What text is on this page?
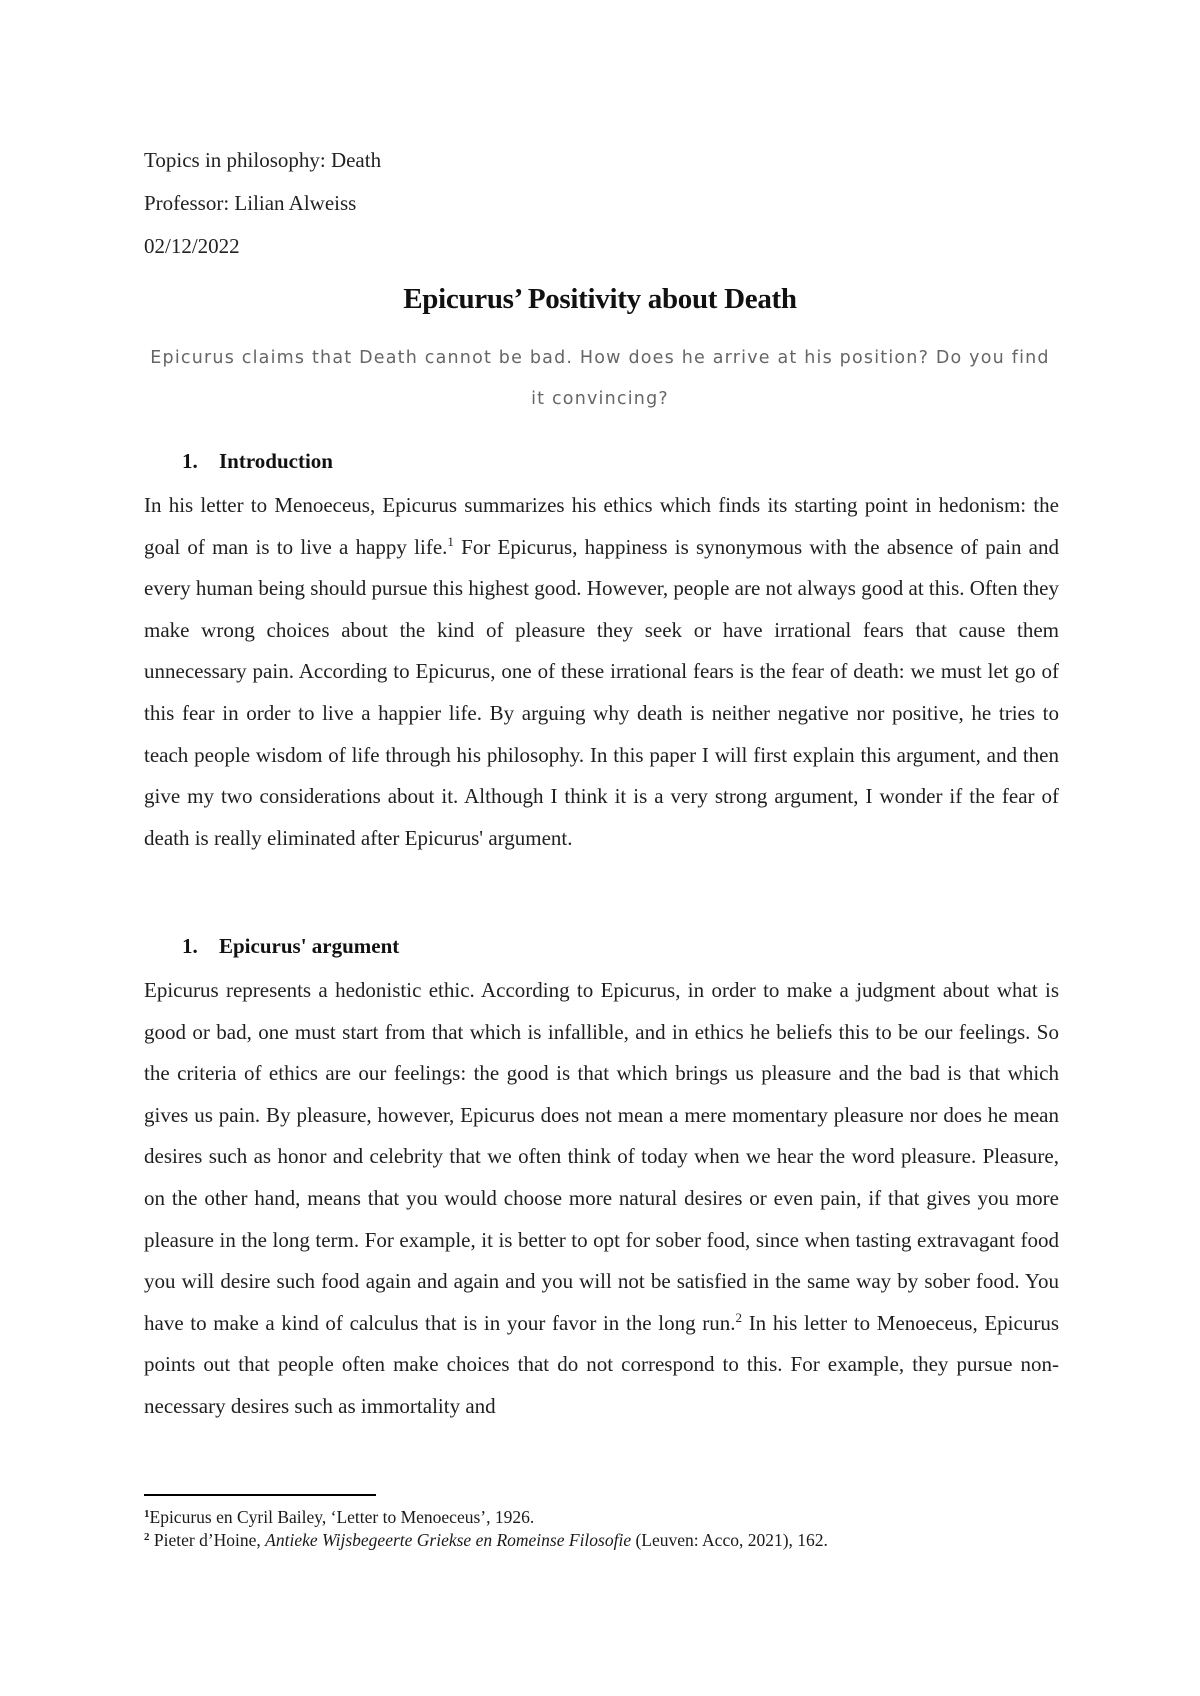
Topics in philosophy: Death

Professor: Lilian Alweiss

02/12/2022

Epicurus’ Positivity about Death

Epicurus claims that Death cannot be bad. How does he arrive at his position? Do you find it convincing?

1. Introduction

In his letter to Menoeceus, Epicurus summarizes his ethics which finds its starting point in hedonism: the goal of man is to live a happy life.$^1$ For Epicurus, happiness is synonymous with the absence of pain and every human being should pursue this highest good. However, people are not always good at this. Often they make wrong choices about the kind of pleasure they seek or have irrational fears that cause them unnecessary pain. According to Epicurus, one of these irrational fears is the fear of death: we must let go of this fear in order to live a happier life. By arguing why death is neither negative nor positive, he tries to teach people wisdom of life through his philosophy. In this paper I will first explain this argument, and then give my two considerations about it. Although I think it is a very strong argument, I wonder if the fear of death is really eliminated after Epicurus' argument.

1. Epicurus' argument

Epicurus represents a hedonistic ethic. According to Epicurus, in order to make a judgment about what is good or bad, one must start from that which is infallible, and in ethics he beliefs this to be our feelings. So the criteria of ethics are our feelings: the good is that which brings us pleasure and the bad is that which gives us pain. By pleasure, however, Epicurus does not mean a mere momentary pleasure nor does he mean desires such as honor and celebrity that we often think of today when we hear the word pleasure. Pleasure, on the other hand, means that you would choose more natural desires or even pain, if that gives you more pleasure in the long term. For example, it is better to opt for sober food, since when tasting extravagant food you will desire such food again and again and you will not be satisfied in the same way by sober food. You have to make a kind of calculus that is in your favor in the long run.$^2$ In his letter to Menoeceus, Epicurus points out that people often make choices that do not correspond to this. For example, they pursue non-necessary desires such as immortality and

$^1$Epicurus en Cyril Bailey, ‘Letter to Menoeceus’, 1926.

$^2$ Pieter d’Hoine, Antieke Wijsbegeerte Griekse en Romeinse Filosofie (Leuven: Acco, 2021), 162.
